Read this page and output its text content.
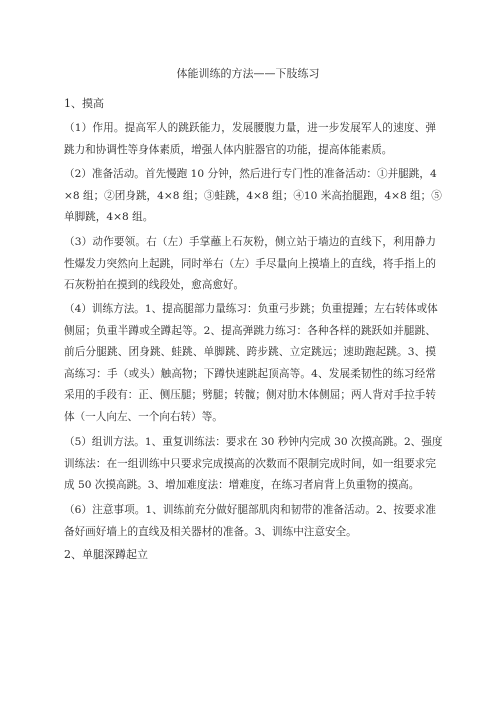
体能训练的方法——下肢练习
1、摸高
（1）作用。提高军人的跳跃能力，发展腰腹力量，进一步发展军人的速度、弹
跳力和协调性等身体素质，增强人体内脏器官的功能，提高体能素质。
（2）准备活动。首先慢跑 10 分钟，然后进行专门性的准备活动：①并腿跳，4
×8 组；②团身跳，4×8 组；③蛙跳，4×8 组；④10 米高抬腿跑，4×8 组；⑤
单脚跳，4×8 组。
（3）动作要领。右（左）手掌蘸上石灰粉，侧立站于墙边的直线下，利用静力
性爆发力突然向上起跳，同时举右（左）手尽量向上摸墙上的直线，将手指上的
石灰粉拍在摸到的线段处，愈高愈好。
（4）训练方法。1、提高腿部力量练习：负重弓步跳；负重提踵；左右转体或体
侧屈；负重半蹲或全蹲起等。2、提高弹跳力练习：各种各样的跳跃如并腿跳、
前后分腿跳、团身跳、蛙跳、单脚跳、跨步跳、立定跳远；速助跑起跳。3、摸
高练习：手（或头）触高物；下蹲快速跳起顶高等。4、发展柔韧性的练习经常
采用的手段有：正、侧压腿；劈腿；转髋；侧对肋木体侧屈；两人背对手拉手转
体（一人向左、一个向右转）等。
（5）组训方法。1、重复训练法：要求在 30 秒钟内完成 30 次摸高跳。2、强度
训练法：在一组训练中只要求完成摸高的次数而不限制完成时间，如一组要求完
成 50 次摸高跳。3、增加难度法：增难度，在练习者肩背上负重物的摸高。
（6）注意事项。1、训练前充分做好腿部肌肉和韧带的准备活动。2、按要求准
备好画好墙上的直线及相关器材的准备。3、训练中注意安全。
2、单腿深蹲起立
